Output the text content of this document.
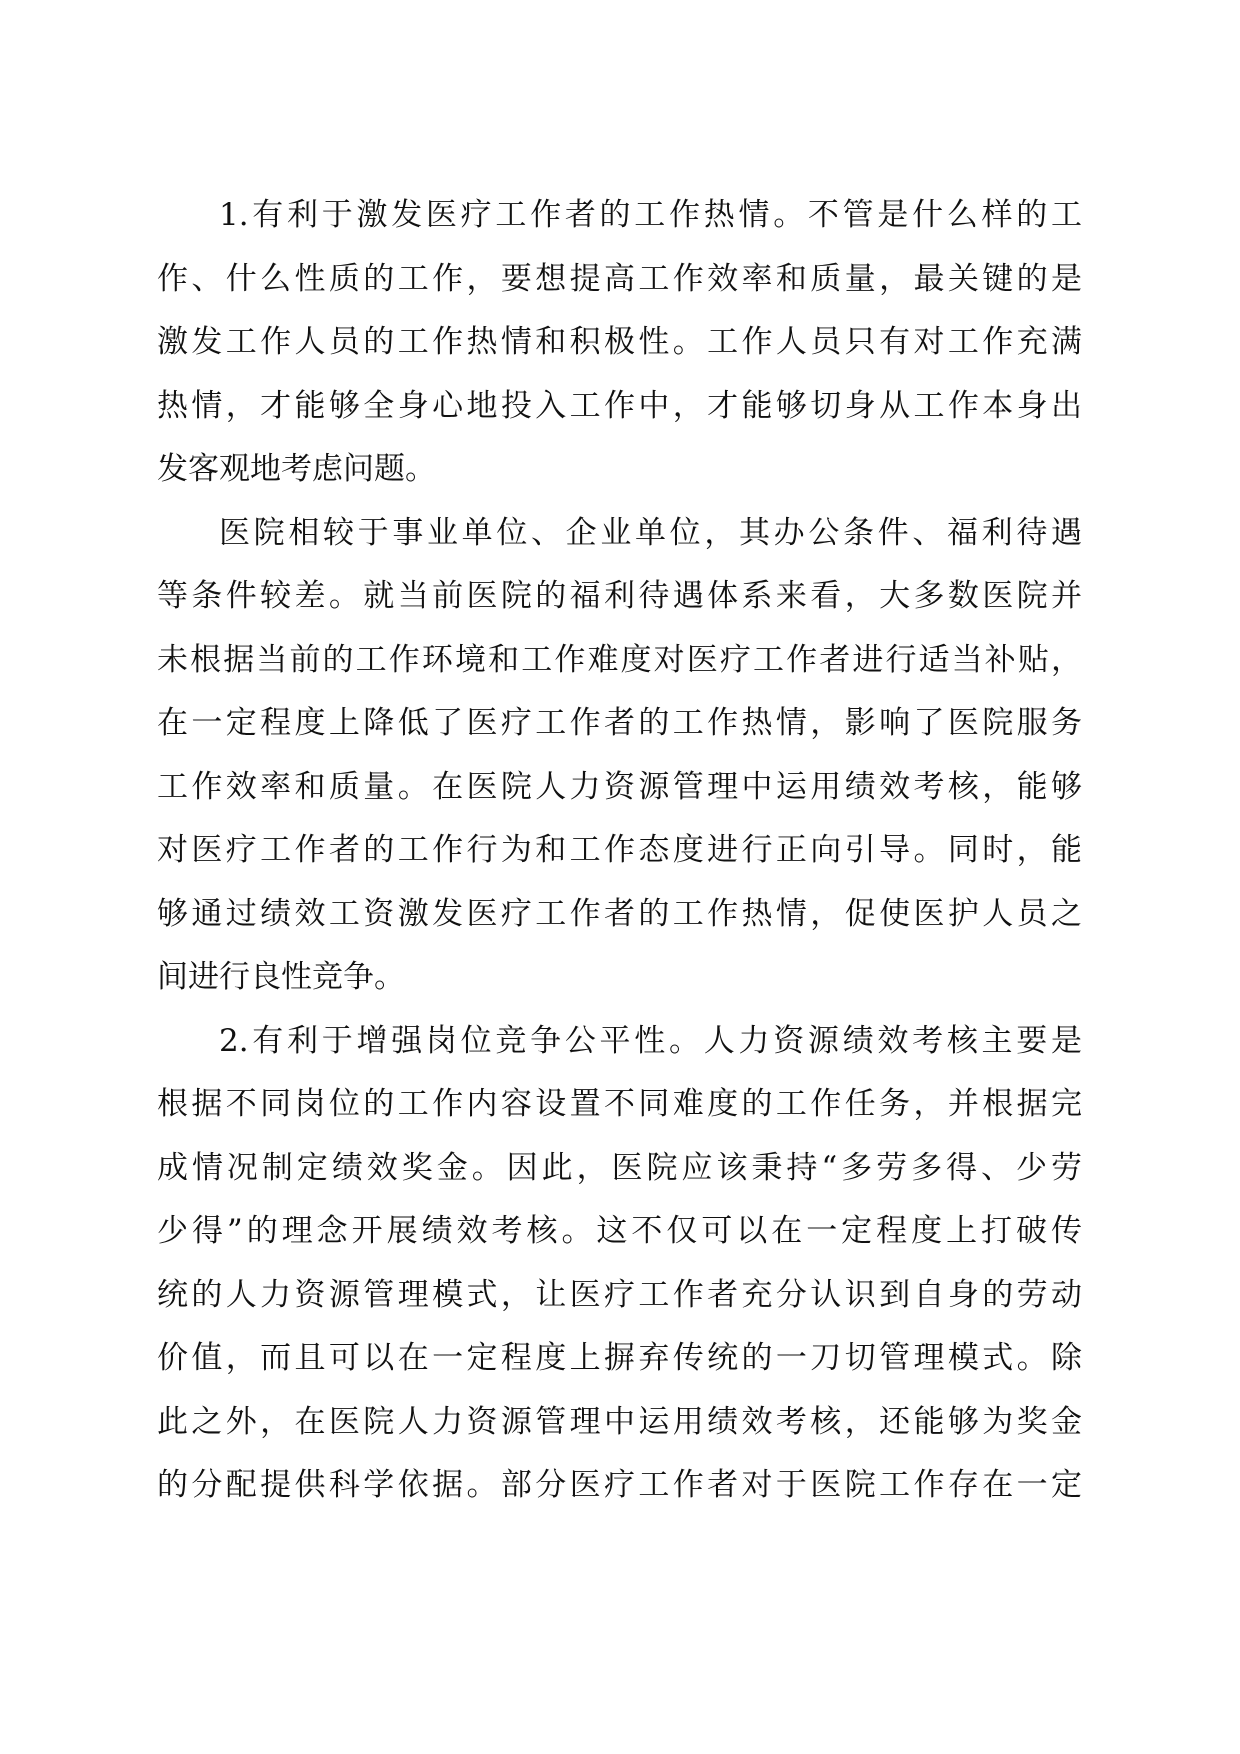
1.有利于激发医疗工作者的工作热情。不管是什么样的工
作、什么性质的工作，要想提高工作效率和质量，最关键的是
激发工作人员的工作热情和积极性。工作人员只有对工作充满
热情，才能够全身心地投入工作中，才能够切身从工作本身出
发客观地考虑问题。
医院相较于事业单位、企业单位，其办公条件、福利待遇
等条件较差。就当前医院的福利待遇体系来看，大多数医院并
未根据当前的工作环境和工作难度对医疗工作者进行适当补贴，
在一定程度上降低了医疗工作者的工作热情，影响了医院服务
工作效率和质量。在医院人力资源管理中运用绩效考核，能够
对医疗工作者的工作行为和工作态度进行正向引导。同时，能
够通过绩效工资激发医疗工作者的工作热情，促使医护人员之
间进行良性竞争。
2.有利于增强岗位竞争公平性。人力资源绩效考核主要是
根据不同岗位的工作内容设置不同难度的工作任务，并根据完
成情况制定绩效奖金。因此，医院应该秉持“多劳多得、少劳
少得”的理念开展绩效考核。这不仅可以在一定程度上打破传
统的人力资源管理模式，让医疗工作者充分认识到自身的劳动
价值，而且可以在一定程度上摒弃传统的一刀切管理模式。除
此之外，在医院人力资源管理中运用绩效考核，还能够为奖金
的分配提供科学依据。部分医疗工作者对于医院工作存在一定
